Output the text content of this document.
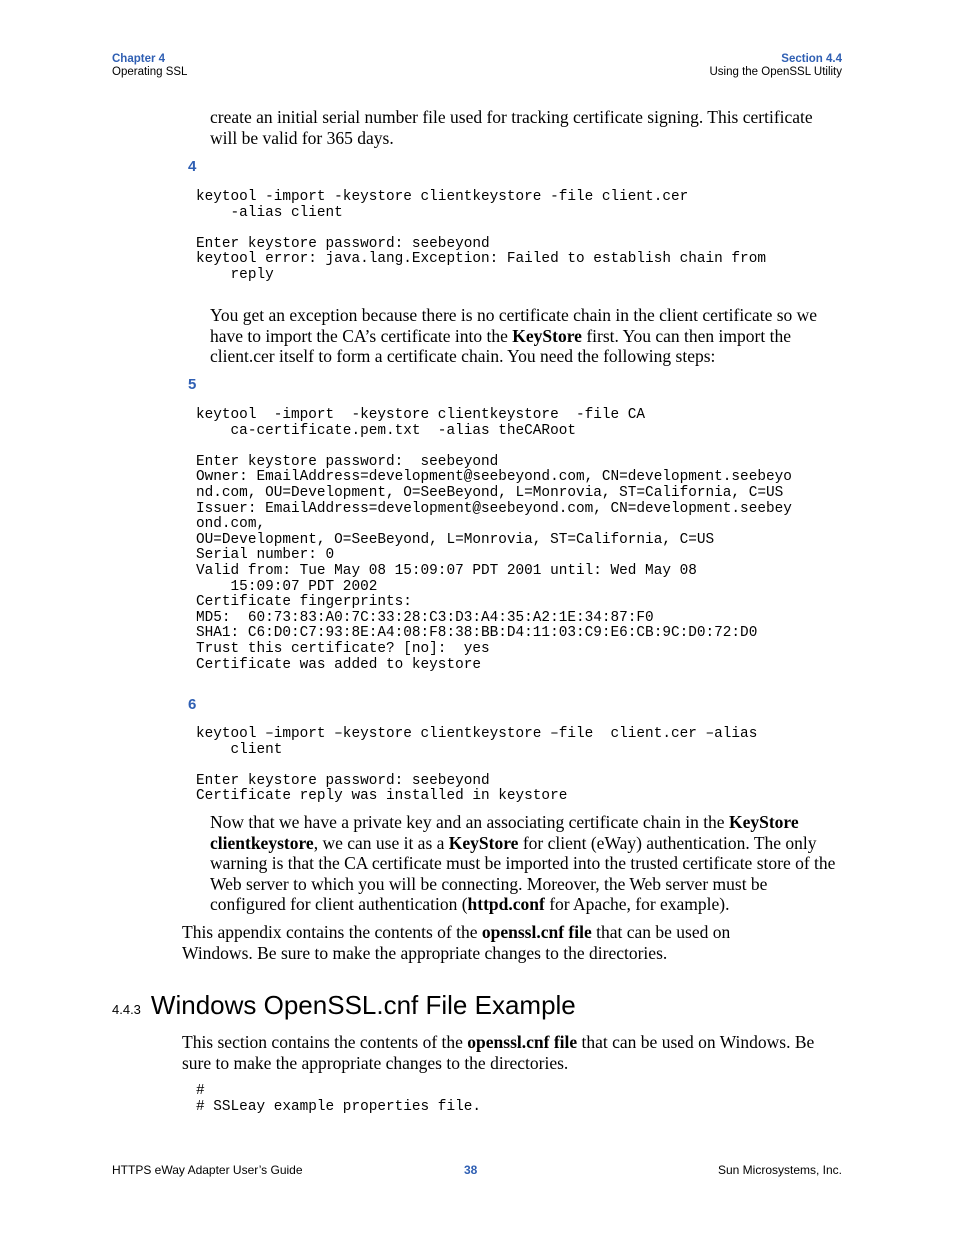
Chapter 4
Operating SSL
Section 4.4
Using the OpenSSL Utility

create an initial serial number file used for tracking certificate signing. This certificate will be valid for 365 days.

4
keytool -import -keystore clientkeystore -file client.cer
-alias client

Enter keystore password: seebeyond
keytool error: java.lang.Exception: Failed to establish chain from
reply

You get an exception because there is no certificate chain in the client certificate so we have to import the CA’s certificate into the KeyStore first. You can then import the client.cer itself to form a certificate chain. You need the following steps:

5
keytool  -import  -keystore clientkeystore  -file CA
ca-certificate.pem.txt  -alias theCARoot

Enter keystore password:  seebeyond
Owner: EmailAddress=development@seebeyond.com, CN=development.seebeyo
nd.com, OU=Development, O=SeeBeyond, L=Monrovia, ST=California, C=US
Issuer: EmailAddress=development@seebeyond.com, CN=development.seebey
ond.com,
OU=Development, O=SeeBeyond, L=Monrovia, ST=California, C=US
Serial number: 0
Valid from: Tue May 08 15:09:07 PDT 2001 until: Wed May 08
15:09:07 PDT 2002
Certificate fingerprints:
MD5:  60:73:83:A0:7C:33:28:C3:D3:A4:35:A2:1E:34:87:F0
SHA1: C6:D0:C7:93:8E:A4:08:F8:38:BB:D4:11:03:C9:E6:CB:9C:D0:72:D0
Trust this certificate? [no]:  yes
Certificate was added to keystore
6
keytool –import –keystore clientkeystore –file  client.cer –alias
client

Enter keystore password: seebeyond
Certificate reply was installed in keystore

Now that we have a private key and an associating certificate chain in the KeyStore clientkeystore, we can use it as a KeyStore for client (eWay) authentication. The only warning is that the CA certificate must be imported into the trusted certificate store of the Web server to which you will be connecting. Moreover, the Web server must be configured for client authentication (httpd.conf for Apache, for example).

This appendix contains the contents of the openssl.cnf file that can be used on Windows. Be sure to make the appropriate changes to the directories.

4.4.3 Windows OpenSSL.cnf File Example

This section contains the contents of the openssl.cnf file that can be used on Windows. Be sure to make the appropriate changes to the directories.

#
# SSLeay example properties file.
HTTPS eWay Adapter User’s Guide	38	Sun Microsystems, Inc.
